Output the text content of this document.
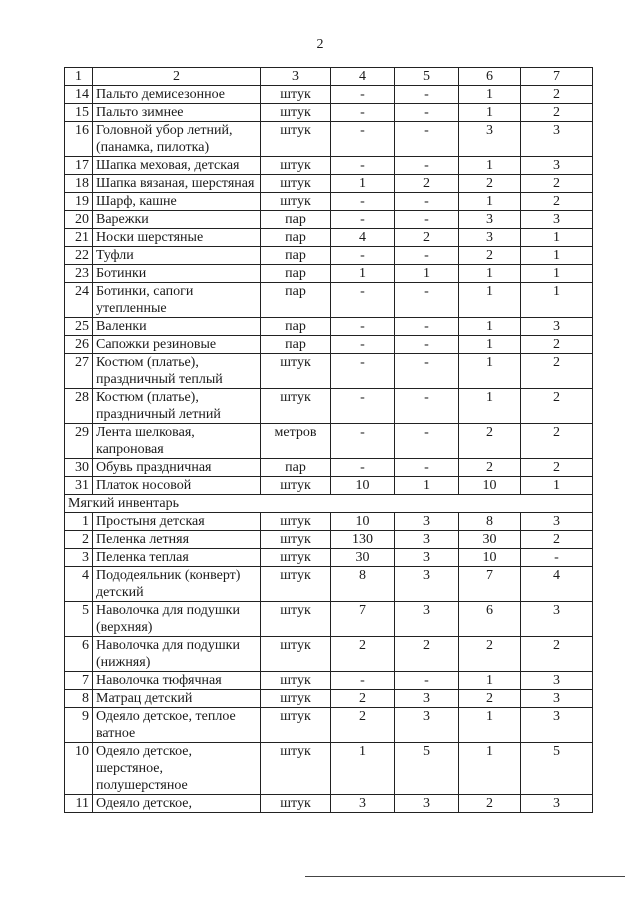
2
1	2	3	4	5	6	7
14	Пальто демисезонное	штук	-	-	1	2
15	Пальто зимнее	штук	-	-	1	2
16	Головной убор летний, (панамка, пилотка)	штук	-	-	3	3
17	Шапка меховая, детская	штук	-	-	1	3
18	Шапка вязаная, шерстяная	штук	1	2	2	2
19	Шарф, кашне	штук	-	-	1	2
20	Варежки	пар	-	-	3	3
21	Носки шерстяные	пар	4	2	3	1
22	Туфли	пар	-	-	2	1
23	Ботинки	пар	1	1	1	1
24	Ботинки, сапоги утепленные	пар	-	-	1	1
25	Валенки	пар	-	-	1	3
26	Сапожки резиновые	пар	-	-	1	2
27	Костюм (платье), праздничный теплый	штук	-	-	1	2
28	Костюм (платье), праздничный летний	штук	-	-	1	2
29	Лента шелковая, капроновая	метров	-	-	2	2
30	Обувь праздничная	пар	-	-	2	2
31	Платок носовой	штук	10	1	10	1
Мягкий инвентарь						
1	Простыня детская	штук	10	3	8	3
2	Пеленка летняя	штук	130	3	30	2
3	Пеленка теплая	штук	30	3	10	-
4	Пододеяльник (конверт) детский	штук	8	3	7	4
5	Наволочка для подушки (верхняя)	штук	7	3	6	3
6	Наволочка для подушки (нижняя)	штук	2	2	2	2
7	Наволочка тюфячная	штук	-	-	1	3
8	Матрац детский	штук	2	3	2	3
9	Одеяло детское, теплое ватное	штук	2	3	1	3
10	Одеяло детское, шерстяное, полушерстяное	штук	1	5	1	5
11	Одеяло детское,	штук	3	3	2	3
